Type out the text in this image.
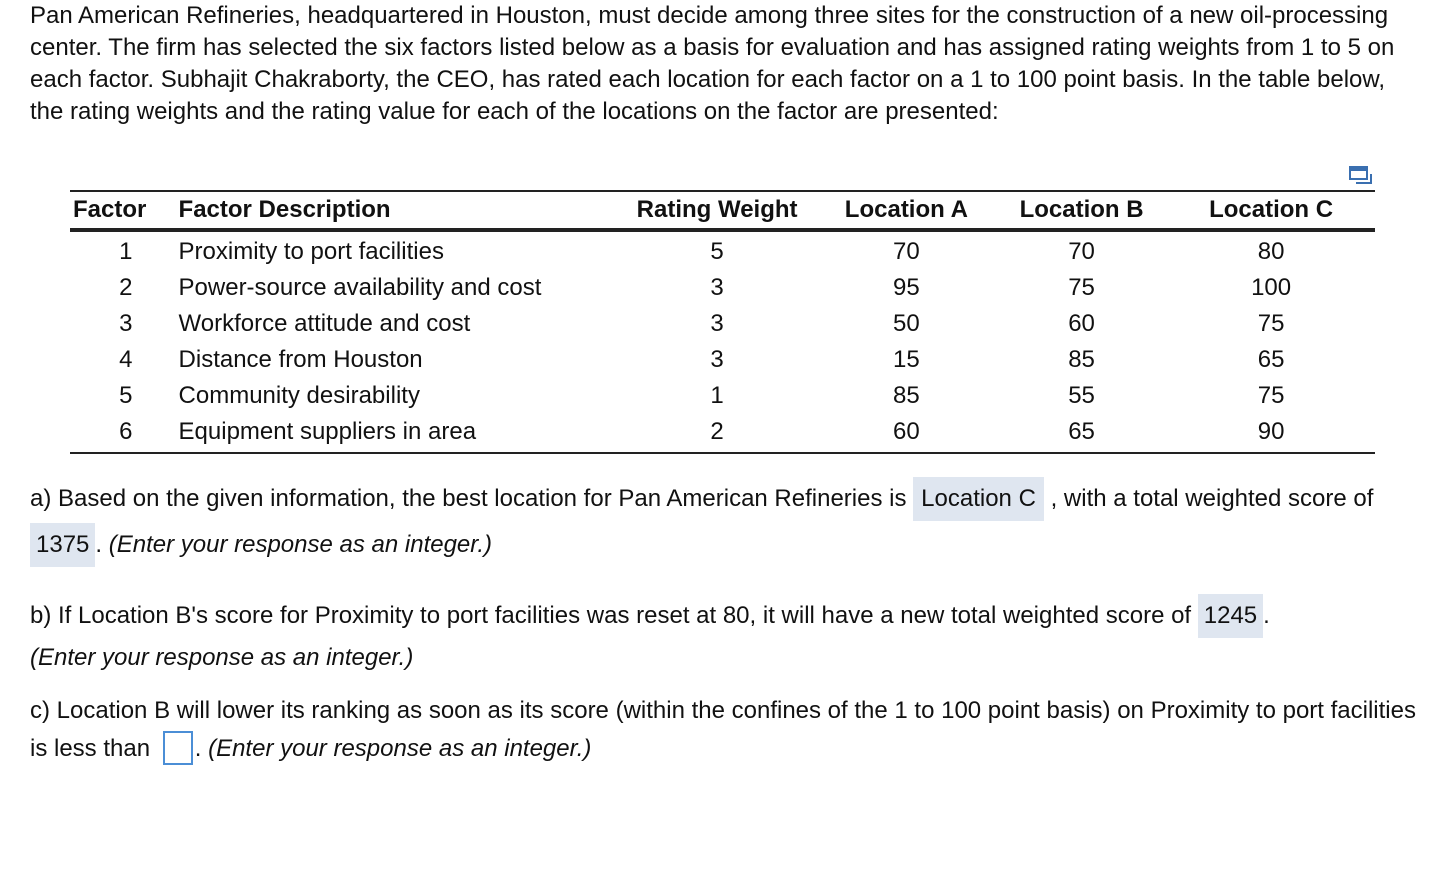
Pan American Refineries, headquartered in Houston, must decide among three sites for the construction of a new oil-processing center. The firm has selected the six factors listed below as a basis for evaluation and has assigned rating weights from 1 to 5 on each factor. Subhajit Chakraborty, the CEO, has rated each location for each factor on a 1 to 100 point basis. In the table below, the rating weights and the rating value for each of the locations on the factor are presented:

Factor	Factor Description	Rating Weight	Location A	Location B	Location C
1	Proximity to port facilities	5	70	70	80
2	Power-source availability and cost	3	95	75	100
3	Workforce attitude and cost	3	50	60	75
4	Distance from Houston	3	15	85	65
5	Community desirability	1	85	55	75
6	Equipment suppliers in area	2	60	65	90

a) Based on the given information, the best location for Pan American Refineries is Location C , with a total weighted score of 1375 . (Enter your response as an integer.)

b) If Location B's score for Proximity to port facilities was reset at 80, it will have a new total weighted score of 1245 .
(Enter your response as an integer.)

c) Location B will lower its ranking as soon as its score (within the confines of the 1 to 100 point basis) on Proximity to port facilities is less than . (Enter your response as an integer.)
